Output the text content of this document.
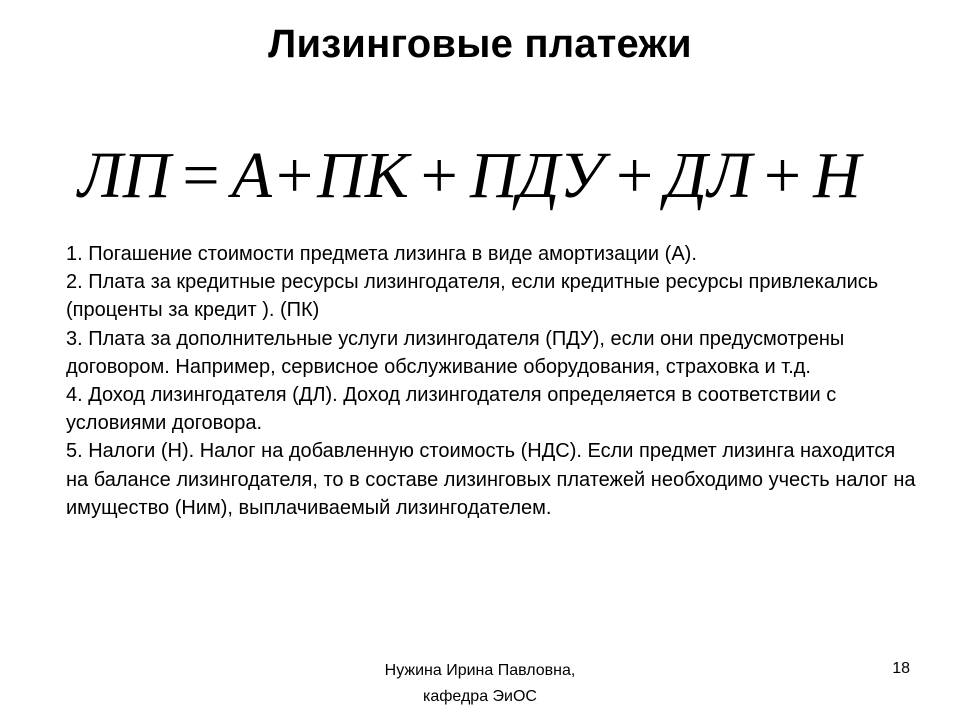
Лизинговые платежи
ЛП = А+ПК + ПДУ + ДЛ + Н
1. Погашение стоимости предмета лизинга в виде амортизации (А).
2. Плата за кредитные ресурсы лизингодателя, если кредитные ресурсы привлекались (проценты за кредит ). (ПК)
3. Плата за дополнительные услуги лизингодателя (ПДУ), если они предусмотрены договором. Например, сервисное обслуживание оборудования, страховка и т.д.
4. Доход лизингодателя (ДЛ). Доход лизингодателя определяется в соответствии с условиями договора.
5. Налоги (Н). Налог на добавленную стоимость (НДС). Если предмет лизинга находится на балансе лизингодателя, то в составе лизинговых платежей необходимо учесть налог на имущество (Ним), выплачиваемый лизингодателем.
Нужина Ирина Павловна,
кафедра ЭиОС
18
